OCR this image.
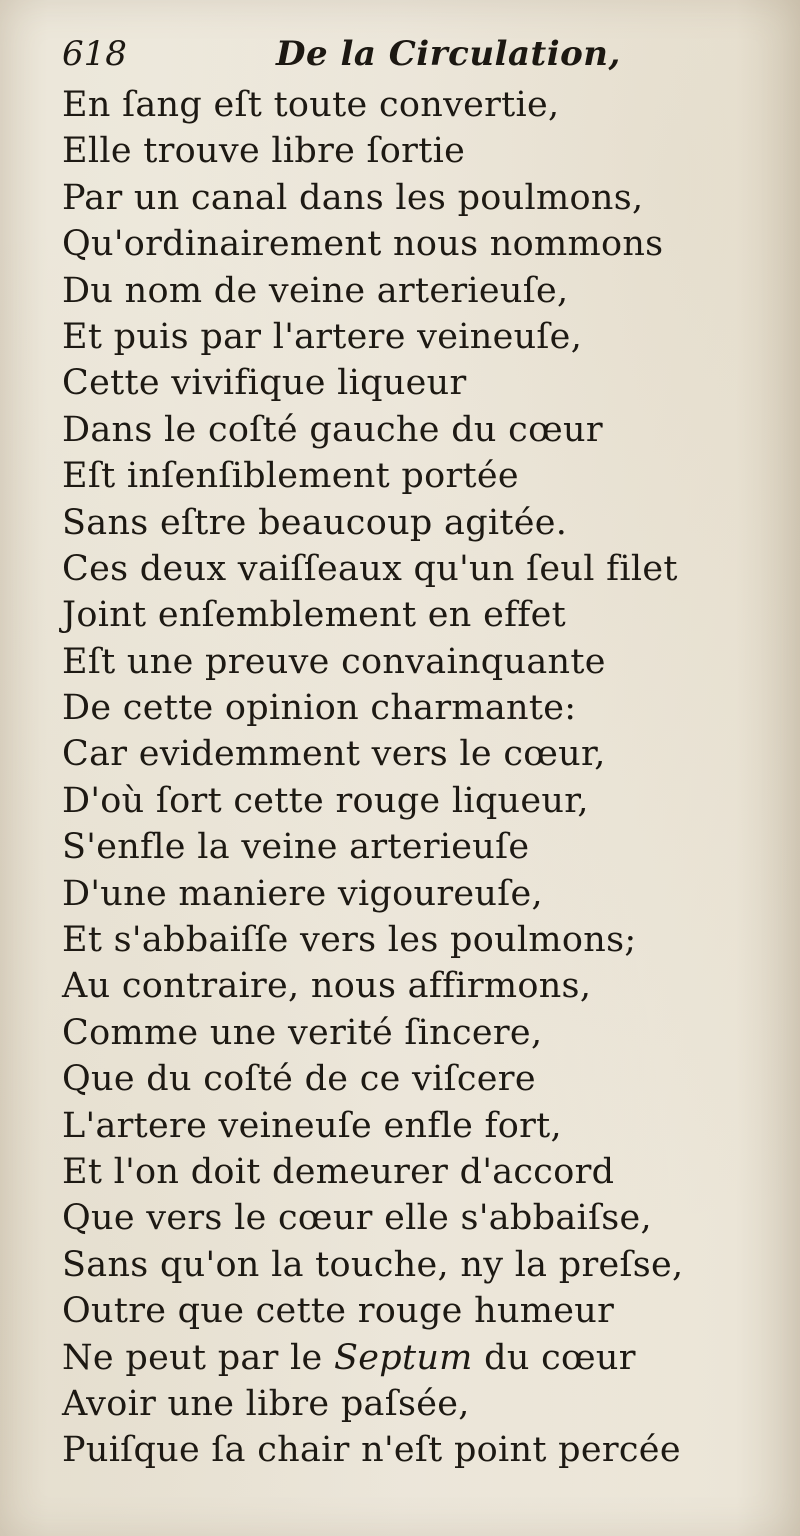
618	De la Circulation,
En ſang eſt toute convertie,
Elle trouve libre ſortie
Par un canal dans les poulmons,
Qu'ordinairement nous nommons
Du nom de veine arterieuſe,
Et puis par l'artere veineuſe,
Cette vivifique liqueur
Dans le coſté gauche du cœur
Eſt inſenſiblement portée
Sans eſtre beaucoup agitée.
Ces deux vaiſſeaux qu'un ſeul filet
Joint enſemblement en effet
Eſt une preuve convainquante
De cette opinion charmante:
Car evidemment vers le cœur,
D'où ſort cette rouge liqueur,
S'enfle la veine arterieuſe
D'une maniere vigoureuſe,
Et s'abbaiſſe vers les poulmons;
Au contraire, nous affirmons,
Comme une verité ſincere,
Que du coſté de ce viſcere
L'artere veineuſe enfle fort,
Et l'on doit demeurer d'accord
Que vers le cœur elle s'abbaiſse,
Sans qu'on la touche, ny la preſse,
Outre que cette rouge humeur
Ne peut par le Septum du cœur
Avoir une libre paſsée,
Puiſque ſa chair n'eſt point percée
